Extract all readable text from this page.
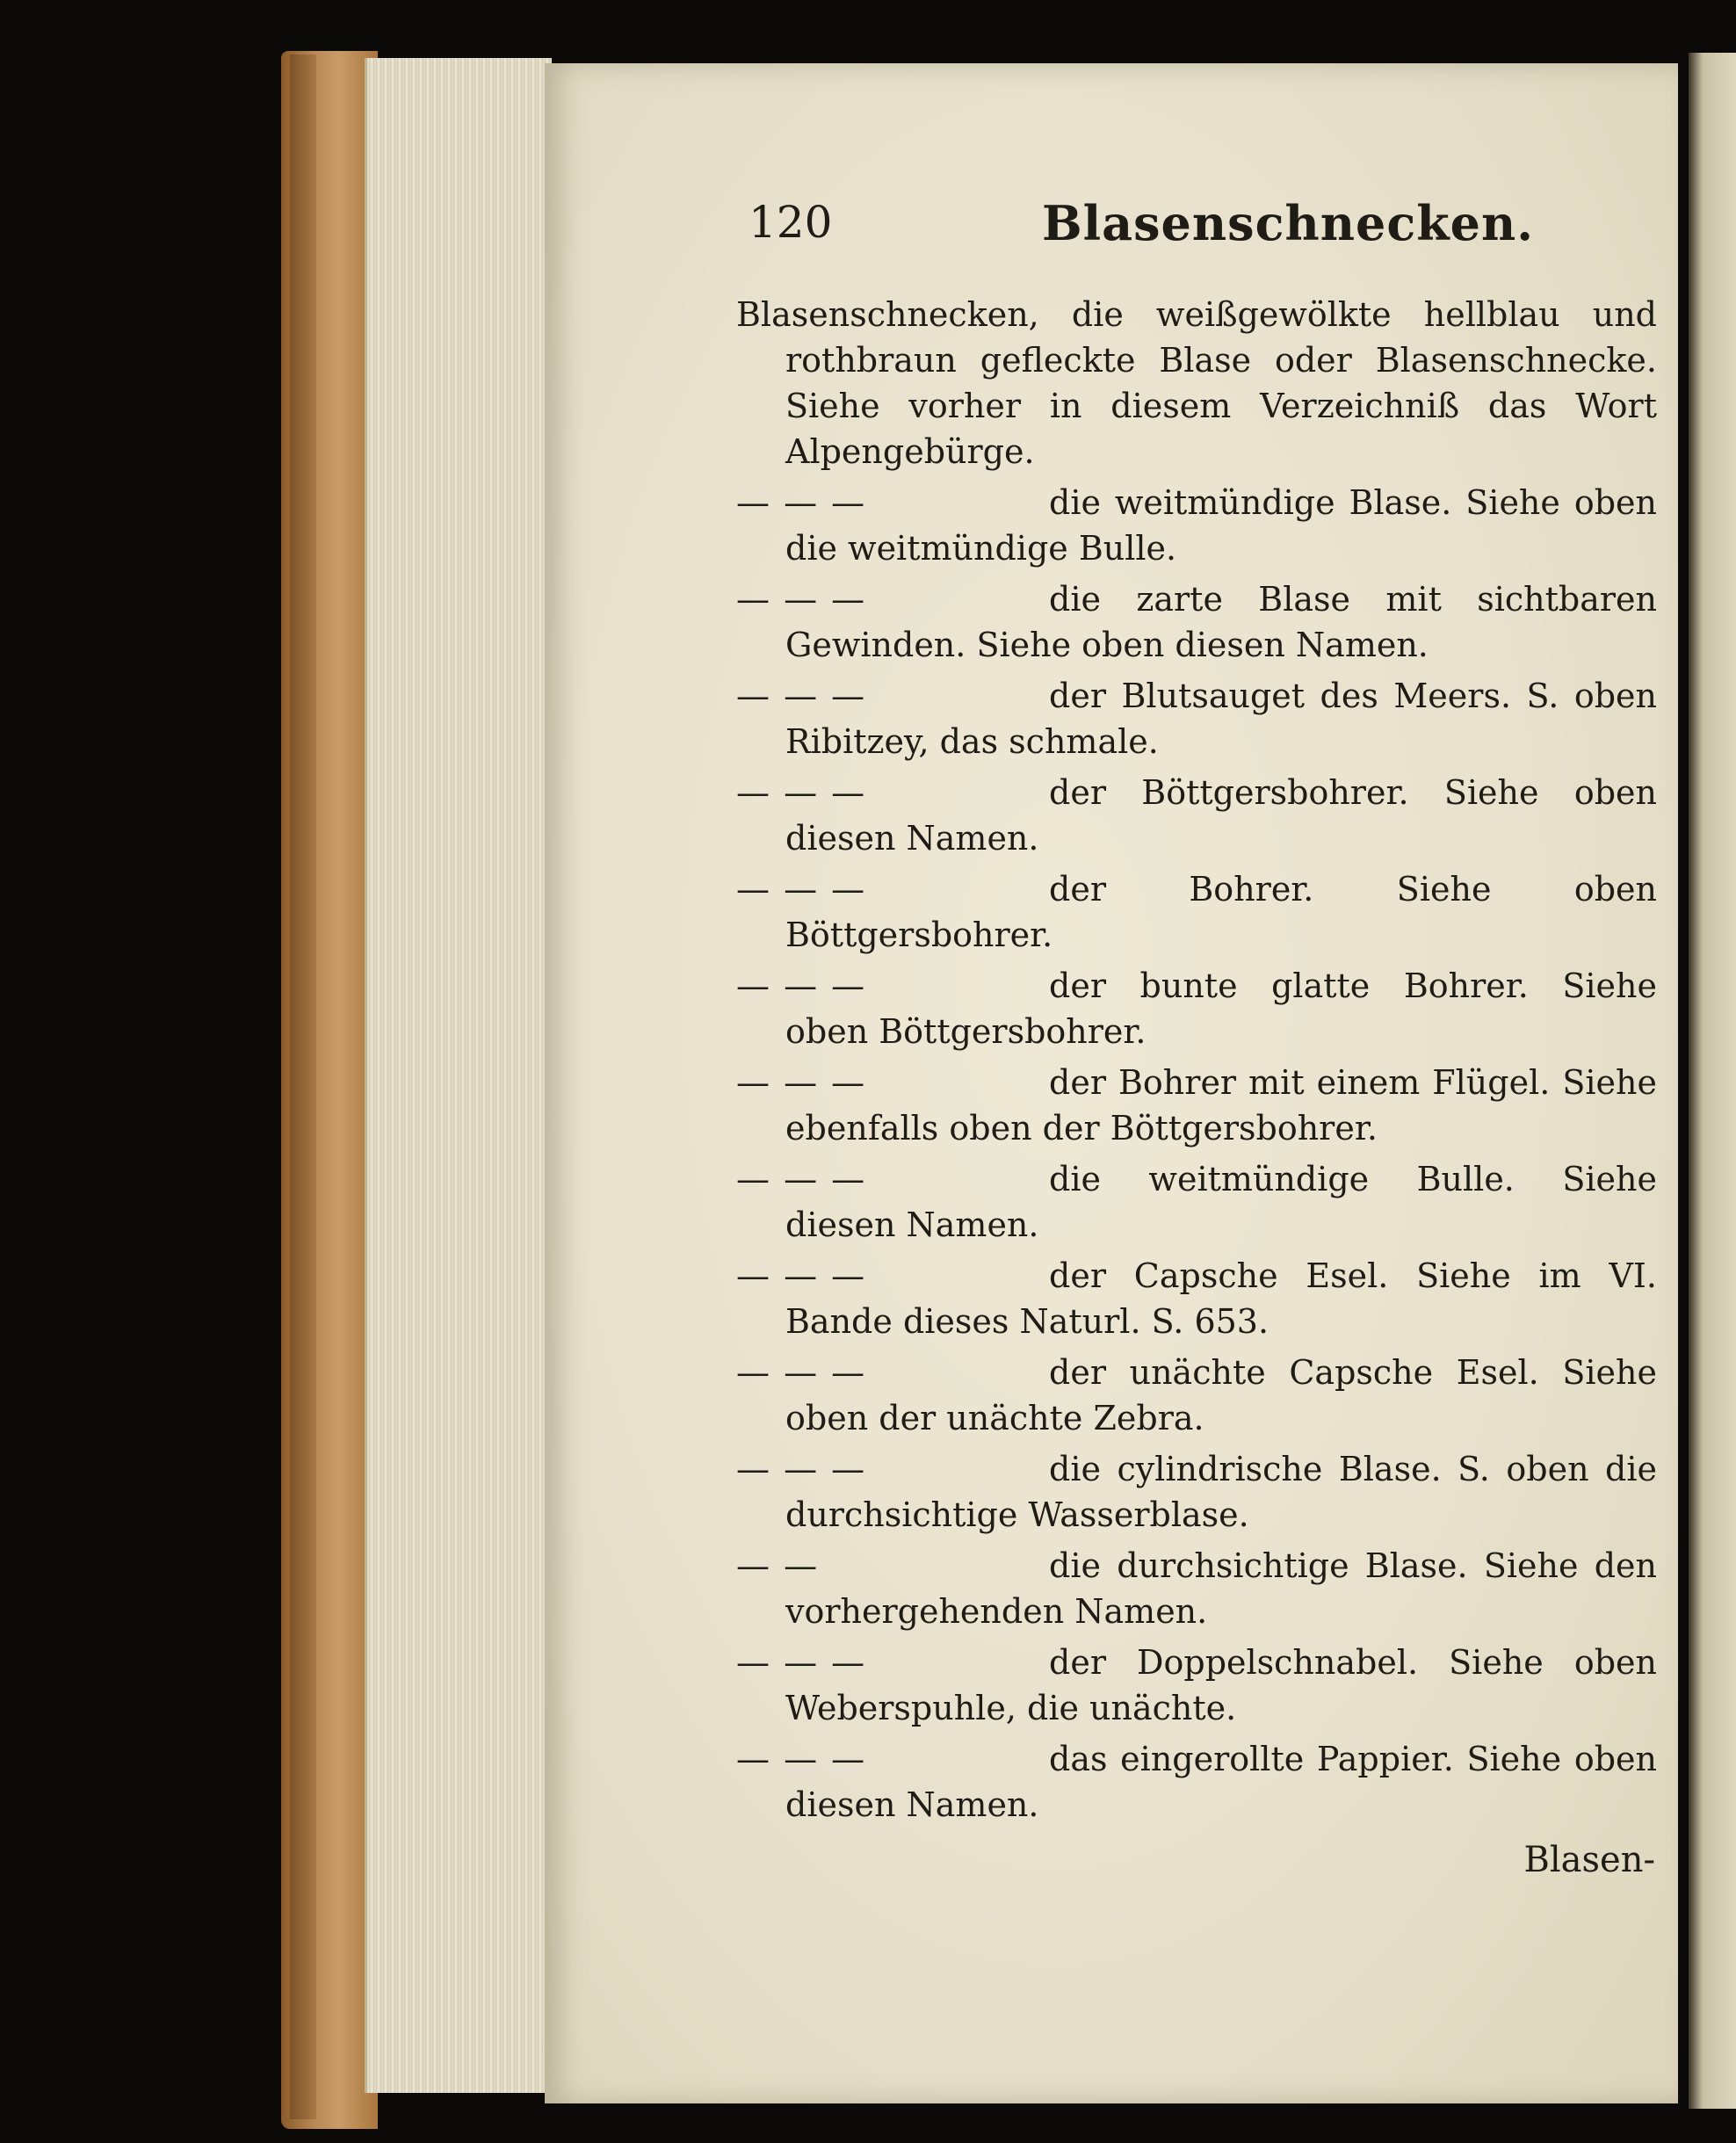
120	Blasenschnecken.
Blasenschnecken, die weißgewölkte hellblau und rothbraun gefleckte Blase oder Blasenschnecke. Siehe vorher in diesem Verzeichniß das Wort Alpengebürge.
— — —	die weitmündige Blase. Siehe oben die weitmündige Bulle.
— — —	die zarte Blase mit sichtbaren Gewinden. Siehe oben diesen Namen.
— — —	der Blutsauget des Meers. S. oben Ribitzey, das schmale.
— — —	der Böttgersbohrer. Siehe oben diesen Namen.
— — —	der Bohrer. Siehe oben Böttgersbohrer.
— — —	der bunte glatte Bohrer. Siehe oben Böttgersbohrer.
— — —	der Bohrer mit einem Flügel. Siehe ebenfalls oben der Böttgersbohrer.
— — —	die weitmündige Bulle. Siehe diesen Namen.
— — —	der Capsche Esel. Siehe im VI. Bande dieses Naturl. S. 653.
— — —	der unächte Capsche Esel. Siehe oben der unächte Zebra.
— — —	die cylindrische Blase. S. oben die durchsichtige Wasserblase.
— —	die durchsichtige Blase. Siehe den vorhergehenden Namen.
— — —	der Doppelschnabel. Siehe oben Weberspuhle, die unächte.
— — —	das eingerollte Pappier. Siehe oben diesen Namen.
Blasen-
